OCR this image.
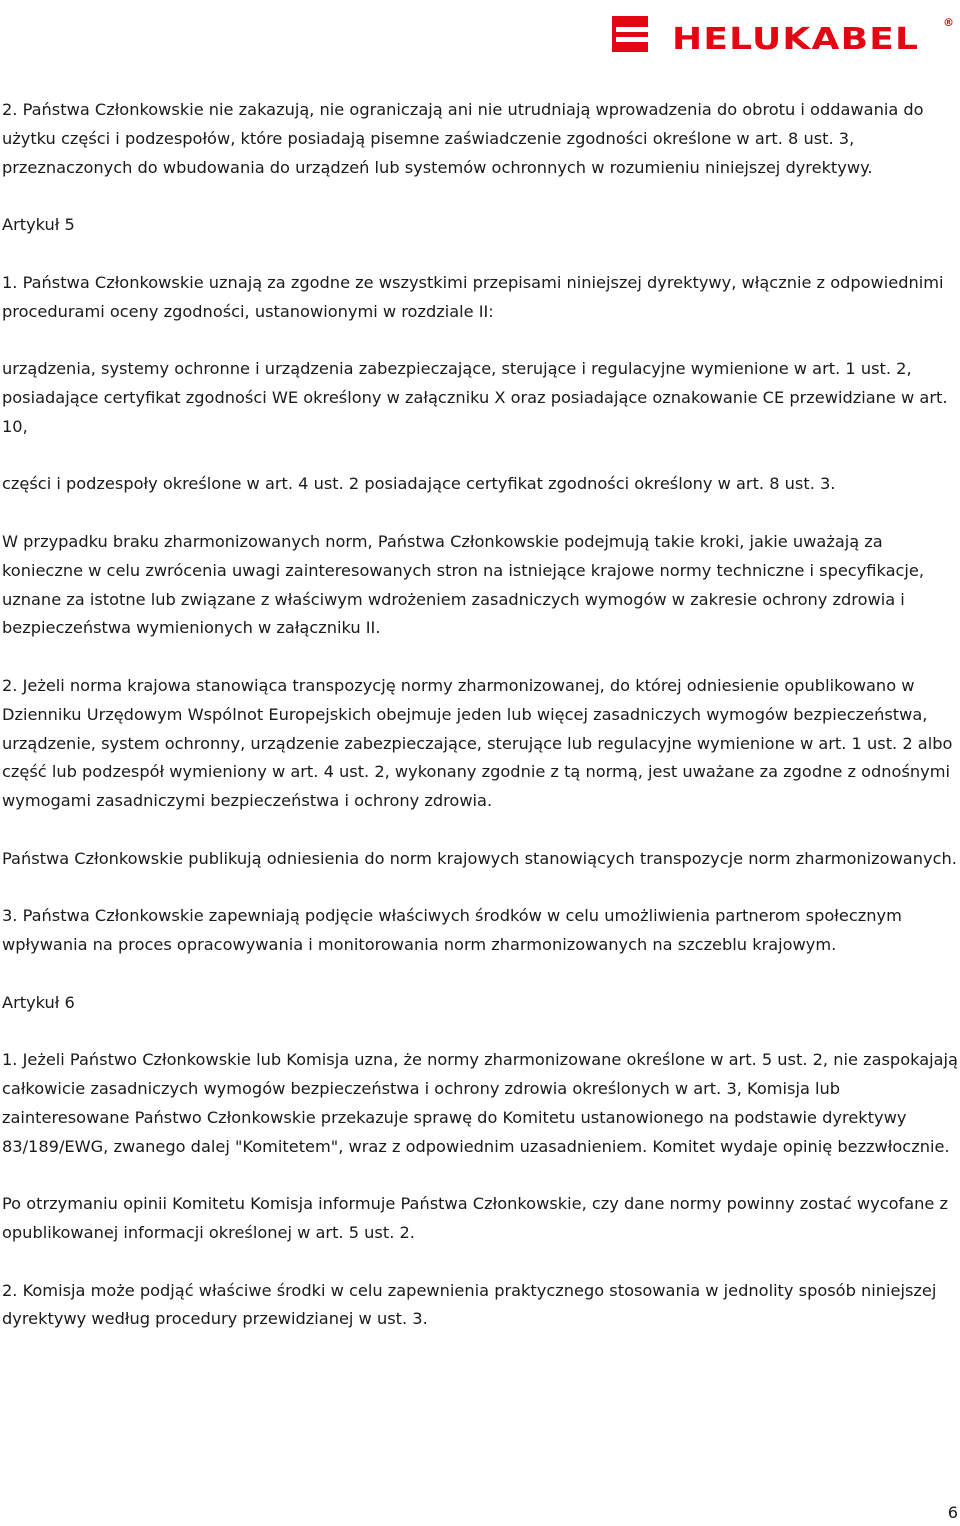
HELUKABEL ®

2. Państwa Członkowskie nie zakazują, nie ograniczają ani nie utrudniają wprowadzenia do obrotu i oddawania do użytku części i podzespołów, które posiadają pisemne zaświadczenie zgodności określone w art. 8 ust. 3, przeznaczonych do wbudowania do urządzeń lub systemów ochronnych w rozumieniu niniejszej dyrektywy.

Artykuł 5

1. Państwa Członkowskie uznają za zgodne ze wszystkimi przepisami niniejszej dyrektywy, włącznie z odpowiednimi procedurami oceny zgodności, ustanowionymi w rozdziale II:

urządzenia, systemy ochronne i urządzenia zabezpieczające, sterujące i regulacyjne wymienione w art. 1 ust. 2, posiadające certyfikat zgodności WE określony w załączniku X oraz posiadające oznakowanie CE przewidziane w art. 10,

części i podzespoły określone w art. 4 ust. 2 posiadające certyfikat zgodności określony w art. 8 ust. 3.

W przypadku braku zharmonizowanych norm, Państwa Członkowskie podejmują takie kroki, jakie uważają za konieczne w celu zwrócenia uwagi zainteresowanych stron na istniejące krajowe normy techniczne i specyfikacje, uznane za istotne lub związane z właściwym wdrożeniem zasadniczych wymogów w zakresie ochrony zdrowia i bezpieczeństwa wymienionych w załączniku II.

2. Jeżeli norma krajowa stanowiąca transpozycję normy zharmonizowanej, do której odniesienie opublikowano w Dzienniku Urzędowym Wspólnot Europejskich obejmuje jeden lub więcej zasadniczych wymogów bezpieczeństwa, urządzenie, system ochronny, urządzenie zabezpieczające, sterujące lub regulacyjne wymienione w art. 1 ust. 2 albo część lub podzespół wymieniony w art. 4 ust. 2, wykonany zgodnie z tą normą, jest uważane za zgodne z odnośnymi wymogami zasadniczymi bezpieczeństwa i ochrony zdrowia.

Państwa Członkowskie publikują odniesienia do norm krajowych stanowiących transpozycje norm zharmonizowanych.

3. Państwa Członkowskie zapewniają podjęcie właściwych środków w celu umożliwienia partnerom społecznym wpływania na proces opracowywania i monitorowania norm zharmonizowanych na szczeblu krajowym.

Artykuł 6

1. Jeżeli Państwo Członkowskie lub Komisja uzna, że normy zharmonizowane określone w art. 5 ust. 2, nie zaspokajają całkowicie zasadniczych wymogów bezpieczeństwa i ochrony zdrowia określonych w art. 3, Komisja lub zainteresowane Państwo Członkowskie przekazuje sprawę do Komitetu ustanowionego na podstawie dyrektywy 83/189/EWG, zwanego dalej "Komitetem", wraz z odpowiednim uzasadnieniem. Komitet wydaje opinię bezzwłocznie.

Po otrzymaniu opinii Komitetu Komisja informuje Państwa Członkowskie, czy dane normy powinny zostać wycofane z opublikowanej informacji określonej w art. 5 ust. 2.

2. Komisja może podjąć właściwe środki w celu zapewnienia praktycznego stosowania w jednolity sposób niniejszej dyrektywy według procedury przewidzianej w ust. 3.

6
